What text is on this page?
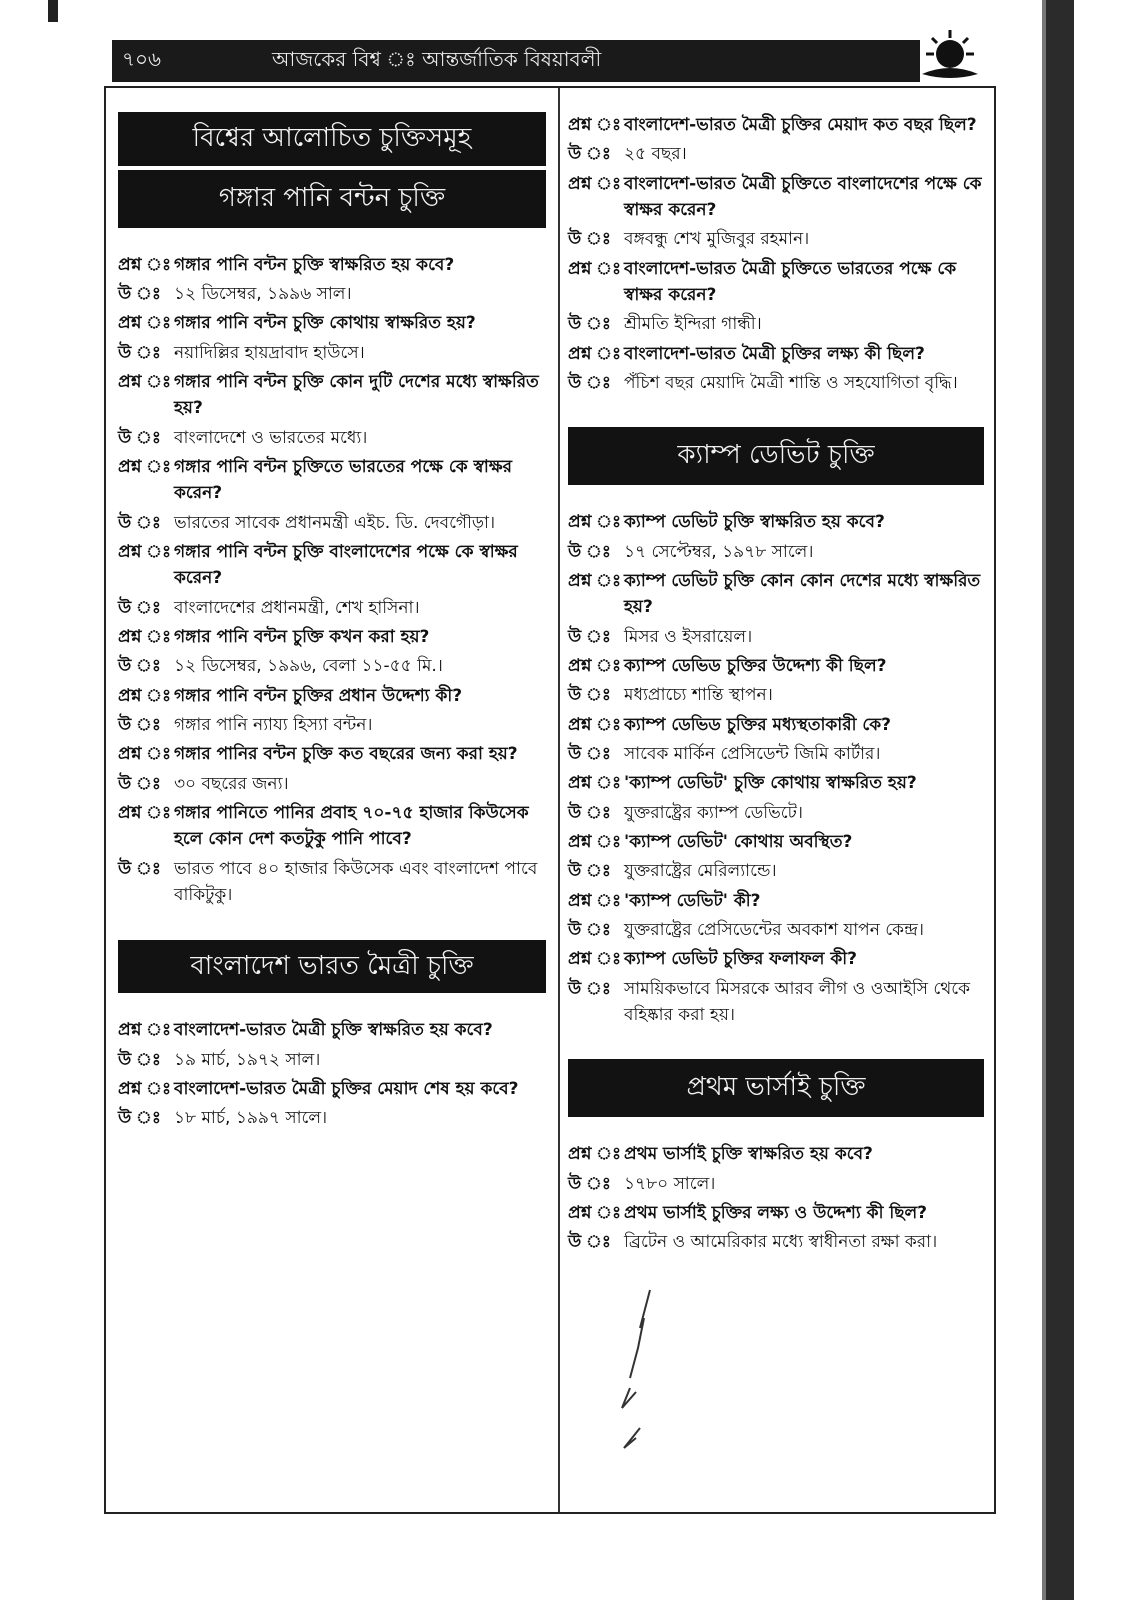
৭০৬	আজকের বিশ্ব ঃ আন্তর্জাতিক বিষয়াবলী
বিশ্বের আলোচিত চুক্তিসমূহ
গঙ্গার পানি বন্টন চুক্তি
প্রশ্ন ঃ গঙ্গার পানি বন্টন চুক্তি স্বাক্ষরিত হয় কবে?
উ ঃ ১২ ডিসেম্বর, ১৯৯৬ সাল।
প্রশ্ন ঃ গঙ্গার পানি বন্টন চুক্তি কোথায় স্বাক্ষরিত হয়?
উ ঃ নয়াদিল্লির হায়দ্রাবাদ হাউসে।
প্রশ্ন ঃ গঙ্গার পানি বন্টন চুক্তি কোন দুটি দেশের মধ্যে স্বাক্ষরিত হয়?
উ ঃ বাংলাদেশে ও ভারতের মধ্যে।
প্রশ্ন ঃ গঙ্গার পানি বন্টন চুক্তিতে ভারতের পক্ষে কে স্বাক্ষর করেন?
উ ঃ ভারতের সাবেক প্রধানমন্ত্রী এইচ. ডি. দেবগৌড়া।
প্রশ্ন ঃ গঙ্গার পানি বন্টন চুক্তি বাংলাদেশের পক্ষে কে স্বাক্ষর করেন?
উ ঃ বাংলাদেশের প্রধানমন্ত্রী, শেখ হাসিনা।
প্রশ্ন ঃ গঙ্গার পানি বন্টন চুক্তি কখন করা হয়?
উ ঃ ১২ ডিসেম্বর, ১৯৯৬, বেলা ১১-৫৫ মি.।
প্রশ্ন ঃ গঙ্গার পানি বন্টন চুক্তির প্রধান উদ্দেশ্য কী?
উ ঃ গঙ্গার পানি ন্যায্য হিস্যা বন্টন।
প্রশ্ন ঃ গঙ্গার পানির বন্টন চুক্তি কত বছরের জন্য করা হয়?
উ ঃ ৩০ বছরের জন্য।
প্রশ্ন ঃ গঙ্গার পানিতে পানির প্রবাহ ৭০-৭৫ হাজার কিউসেক হলে কোন দেশ কতটুকু পানি পাবে?
উ ঃ ভারত পাবে ৪০ হাজার কিউসেক এবং বাংলাদেশ পাবে বাকিটুকু।
বাংলাদেশ ভারত মৈত্রী চুক্তি
প্রশ্ন ঃ বাংলাদেশ-ভারত মৈত্রী চুক্তি স্বাক্ষরিত হয় কবে?
উ ঃ ১৯ মার্চ, ১৯৭২ সাল।
প্রশ্ন ঃ বাংলাদেশ-ভারত মৈত্রী চুক্তির মেয়াদ শেষ হয় কবে?
উ ঃ ১৮ মার্চ, ১৯৯৭ সালে।
প্রশ্ন ঃ বাংলাদেশ-ভারত মৈত্রী চুক্তির মেয়াদ কত বছর ছিল?
উ ঃ ২৫ বছর।
প্রশ্ন ঃ বাংলাদেশ-ভারত মৈত্রী চুক্তিতে বাংলাদেশের পক্ষে কে স্বাক্ষর করেন?
উ ঃ বঙ্গবন্ধু শেখ মুজিবুর রহমান।
প্রশ্ন ঃ বাংলাদেশ-ভারত মৈত্রী চুক্তিতে ভারতের পক্ষে কে স্বাক্ষর করেন?
উ ঃ শ্রীমতি ইন্দিরা গান্ধী।
প্রশ্ন ঃ বাংলাদেশ-ভারত মৈত্রী চুক্তির লক্ষ্য কী ছিল?
উ ঃ পঁচিশ বছর মেয়াদি মৈত্রী শান্তি ও সহযোগিতা বৃদ্ধি।
ক্যাম্প ডেভিট চুক্তি
প্রশ্ন ঃ ক্যাম্প ডেভিট চুক্তি স্বাক্ষরিত হয় কবে?
উ ঃ ১৭ সেপ্টেম্বর, ১৯৭৮ সালে।
প্রশ্ন ঃ ক্যাম্প ডেভিট চুক্তি কোন কোন দেশের মধ্যে স্বাক্ষরিত হয়?
উ ঃ মিসর ও ইসরায়েল।
প্রশ্ন ঃ ক্যাম্প ডেভিড চুক্তির উদ্দেশ্য কী ছিল?
উ ঃ মধ্যপ্রাচ্যে শান্তি স্থাপন।
প্রশ্ন ঃ ক্যাম্প ডেভিড চুক্তির মধ্যস্থতাকারী কে?
উ ঃ সাবেক মার্কিন প্রেসিডেন্ট জিমি কার্টার।
প্রশ্ন ঃ 'ক্যাম্প ডেভিট' চুক্তি কোথায় স্বাক্ষরিত হয়?
উ ঃ যুক্তরাষ্ট্রের ক্যাম্প ডেভিটে।
প্রশ্ন ঃ 'ক্যাম্প ডেভিট' কোথায় অবস্থিত?
উ ঃ যুক্তরাষ্ট্রের মেরিল্যান্ডে।
প্রশ্ন ঃ 'ক্যাম্প ডেভিট' কী?
উ ঃ যুক্তরাষ্ট্রের প্রেসিডেন্টের অবকাশ যাপন কেন্দ্র।
প্রশ্ন ঃ ক্যাম্প ডেভিট চুক্তির ফলাফল কী?
উ ঃ সাময়িকভাবে মিসরকে আরব লীগ ও ওআইসি থেকে বহিষ্কার করা হয়।
প্রথম ভার্সাই চুক্তি
প্রশ্ন ঃ প্রথম ভার্সাই চুক্তি স্বাক্ষরিত হয় কবে?
উ ঃ ১৭৮০ সালে।
প্রশ্ন ঃ প্রথম ভার্সাই চুক্তির লক্ষ্য ও উদ্দেশ্য কী ছিল?
উ ঃ ব্রিটেন ও আমেরিকার মধ্যে স্বাধীনতা রক্ষা করা।
